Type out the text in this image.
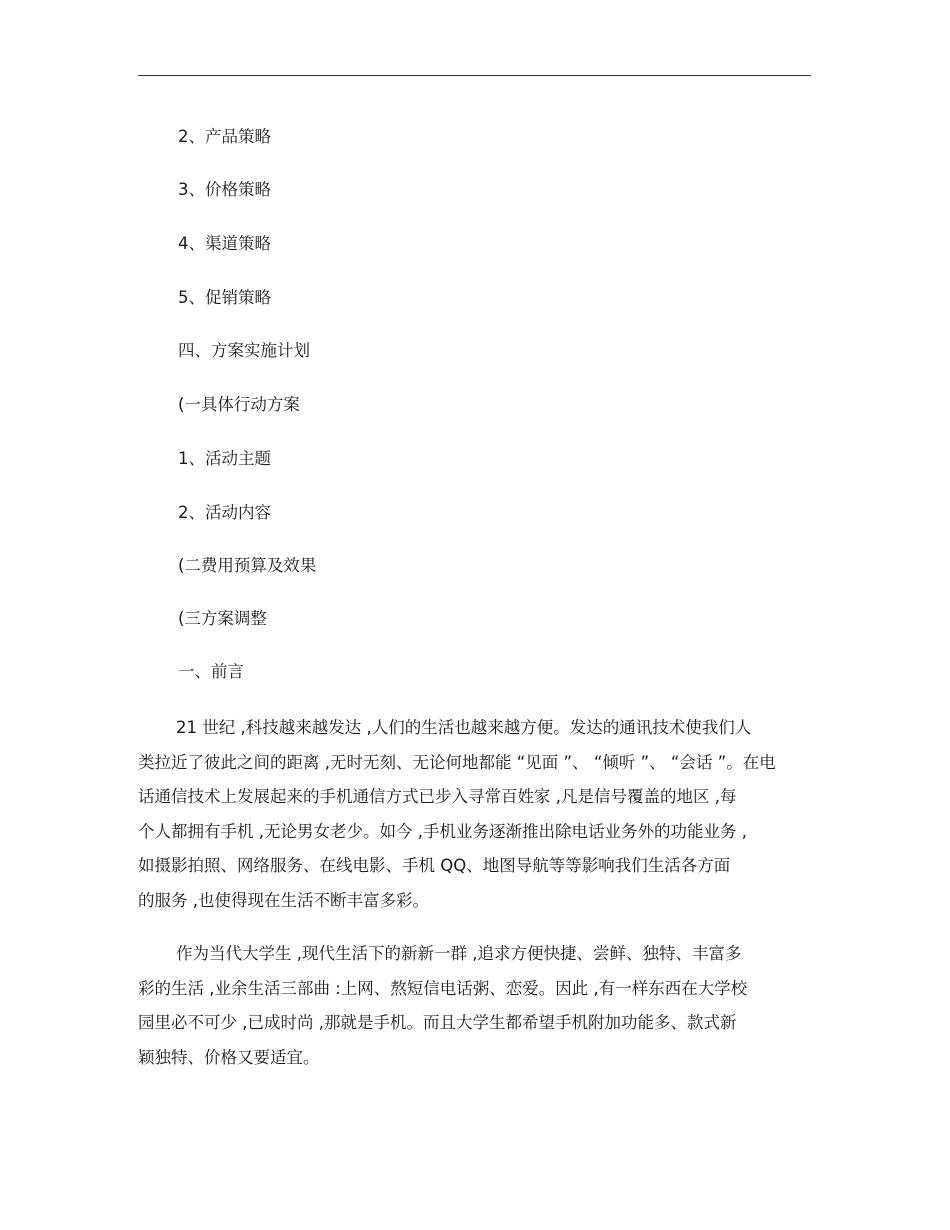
2、产品策略
3、价格策略
4、渠道策略
5、促销策略
四、方案实施计划
(一具体行动方案
1、活动主题
2、活动内容
(二费用预算及效果
(三方案调整
一、前言
21 世纪 ,科技越来越发达 ,人们的生活也越来越方便。发达的通讯技术使我们人
类拉近了彼此之间的距离 ,无时无刻、无论何地都能 “见面 ”、 “倾听 ”、 “会话 ”。在电
话通信技术上发展起来的手机通信方式已步入寻常百姓家 ,凡是信号覆盖的地区 ,每
个人都拥有手机 ,无论男女老少。如今 ,手机业务逐渐推出除电话业务外的功能业务 ,
如摄影拍照、网络服务、在线电影、手机 QQ、地图导航等等影响我们生活各方面
的服务 ,也使得现在生活不断丰富多彩。
作为当代大学生 ,现代生活下的新新一群 ,追求方便快捷、尝鲜、独特、丰富多
彩的生活 ,业余生活三部曲 :上网、熬短信电话粥、恋爱。因此 ,有一样东西在大学校
园里必不可少 ,已成时尚 ,那就是手机。而且大学生都希望手机附加功能多、款式新
颖独特、价格又要适宜。
